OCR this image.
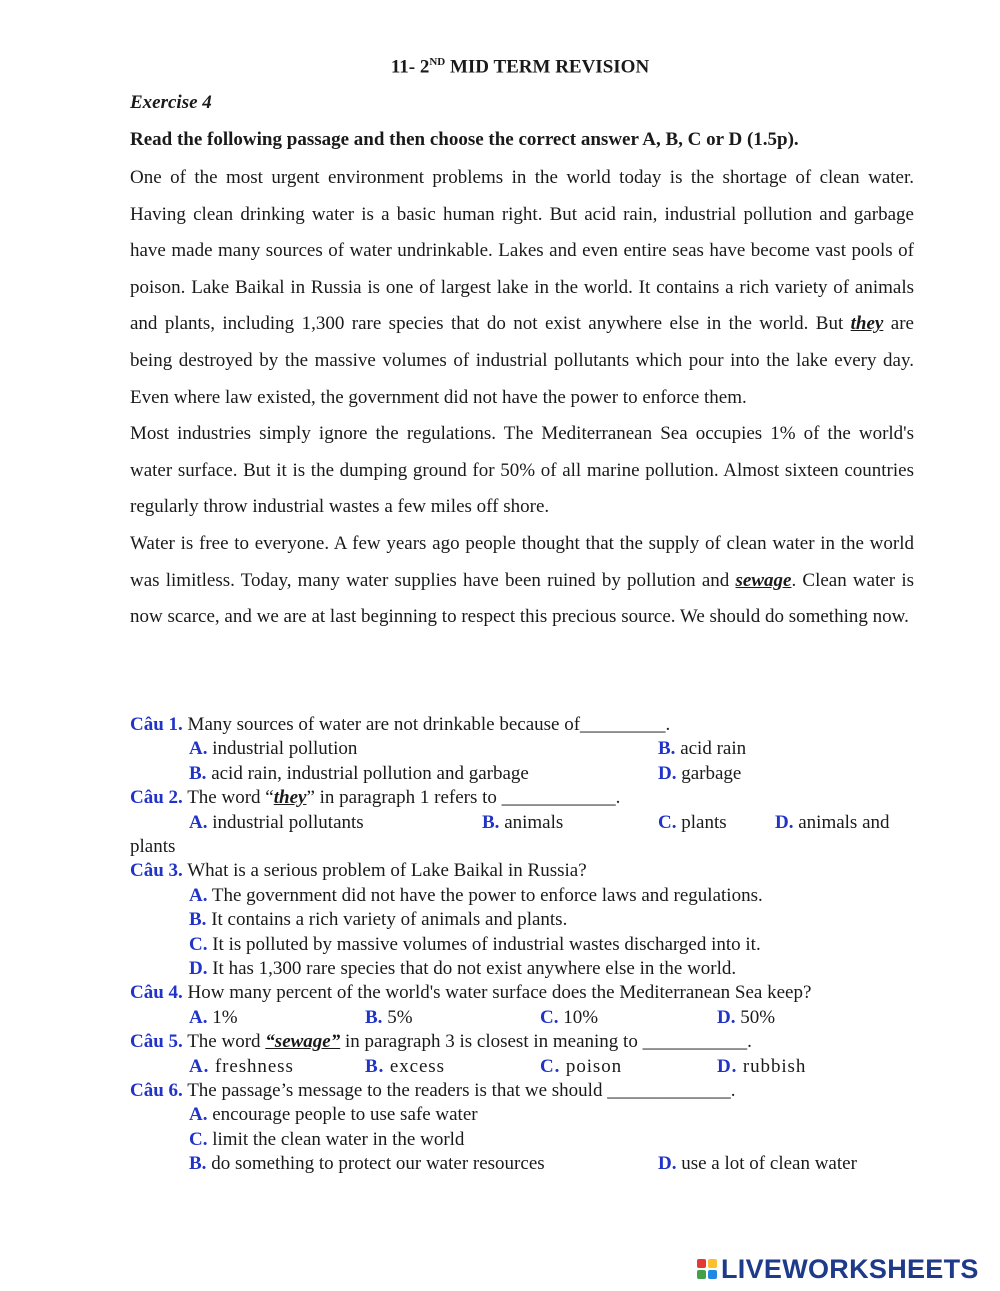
11- 2ND MID TERM REVISION
Exercise 4
Read the following passage and then choose the correct answer A, B, C or D (1.5p).

One of the most urgent environment problems in the world today is the shortage of clean water. Having clean drinking water is a basic human right. But acid rain, industrial pollution and garbage have made many sources of water undrinkable. Lakes and even entire seas have become vast pools of poison. Lake Baikal in Russia is one of largest lake in the world. It contains a rich variety of animals and plants, including 1,300 rare species that do not exist anywhere else in the world. But they are being destroyed by the massive volumes of industrial pollutants which pour into the lake every day. Even where law existed, the government did not have the power to enforce them.

Most industries simply ignore the regulations. The Mediterranean Sea occupies 1% of the world's water surface. But it is the dumping ground for 50% of all marine pollution. Almost sixteen countries regularly throw industrial wastes a few miles off shore.

Water is free to everyone. A few years ago people thought that the supply of clean water in the world was limitless. Today, many water supplies have been ruined by pollution and sewage. Clean water is now scarce, and we are at last beginning to respect this precious source. We should do something now.

Câu 1. Many sources of water are not drinkable because of_________.
A. industrial pollution	B. acid rain
B. acid rain, industrial pollution and garbage	D. garbage
Câu 2. The word “they” in paragraph 1 refers to ____________.
A. industrial pollutants	B. animals	C. plants	D. animals and
plants
Câu 3. What is a serious problem of Lake Baikal in Russia?
A. The government did not have the power to enforce laws and regulations.
B. It contains a rich variety of animals and plants.
C. It is polluted by massive volumes of industrial wastes discharged into it.
D. It has 1,300 rare species that do not exist anywhere else in the world.
Câu 4. How many percent of the world's water surface does the Mediterranean Sea keep?
A. 1%	B. 5%	C. 10%	D. 50%
Câu 5. The word “sewage” in paragraph 3 is closest in meaning to ___________.
A. freshness	B. excess	C. poison	D. rubbish
Câu 6. The passage’s message to the readers is that we should _____________.
A. encourage people to use safe water
C. limit the clean water in the world
B. do something to protect our water resources	D. use a lot of clean water
LIVEWORKSHEETS
